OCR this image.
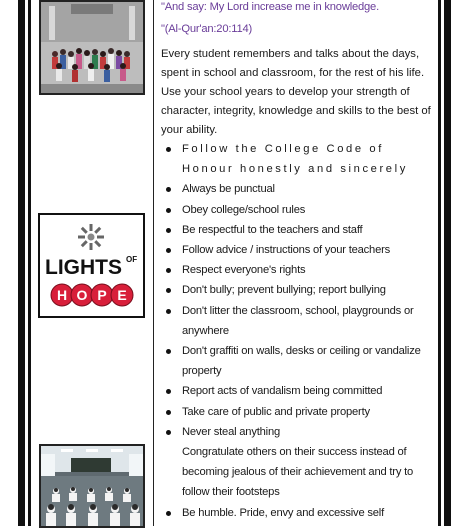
LIGHTS OF
H O P E
"And say: My Lord increase me in knowledge.
"(Al-Qur'an:20:114)

Every student remembers and talks about the days, spent in school and classroom, for the rest of his life. Use your school years to develop your strength of character, integrity, knowledge and skills to the best of your ability.

Follow the College Code of Honour honestly and sincerely
Always be punctual
Obey college/school rules
Be respectful to the teachers and staff
Follow advice / instructions of your teachers
Respect everyone's rights
Don't bully; prevent bullying; report bullying
Don't litter the classroom, school, playgrounds or anywhere
Don't graffiti on walls, desks or ceiling or vandalize property
Report acts of vandalism being committed
Take care of public and private property
Never steal anything
Congratulate others on their success instead of becoming jealous of their achievement and try to follow their footsteps
Be humble. Pride, envy and excessive self
